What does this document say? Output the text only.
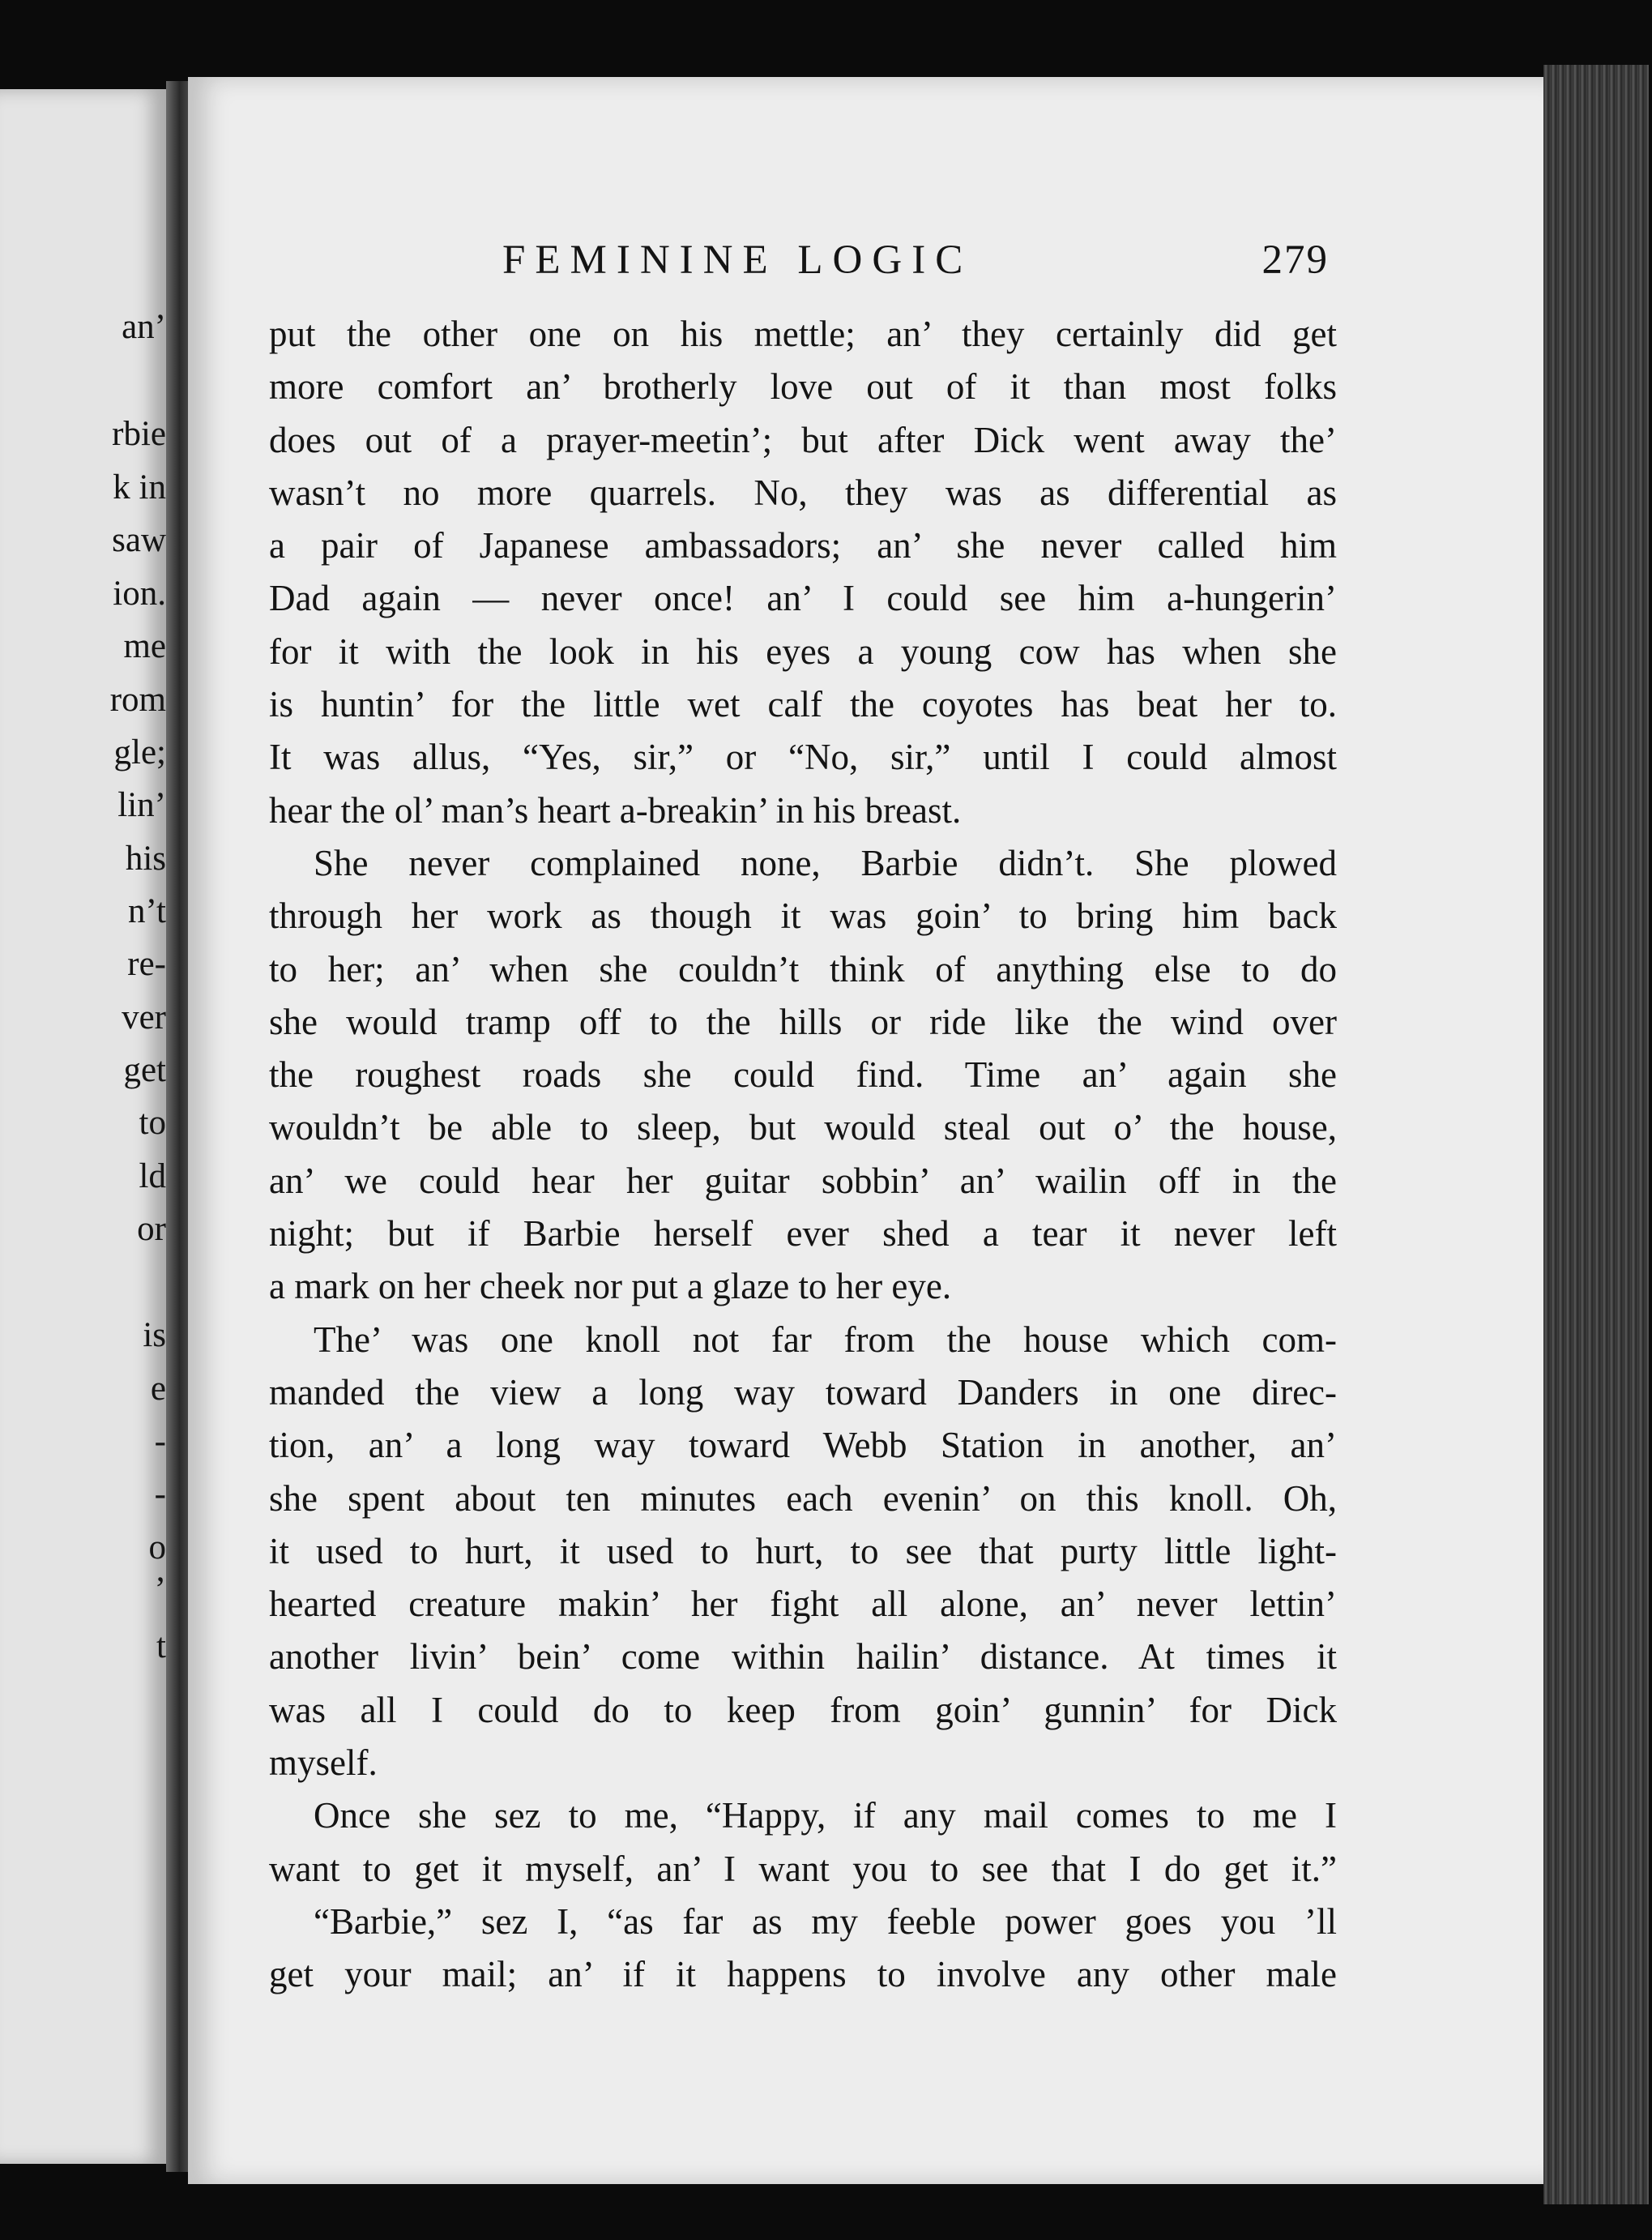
an’
rbie
k in
saw
ion.
me
rom
gle;
lin’
his
n’t
re-
ver
get
to
ld
or
is
e
-
-
o
’
t
FEMININE LOGIC	279
put the other one on his mettle; an’ they certainly did get
more comfort an’ brotherly love out of it than most folks
does out of a prayer-meetin’; but after Dick went away the’
wasn’t no more quarrels. No, they was as differential as
a pair of Japanese ambassadors; an’ she never called him
Dad again — never once! an’ I could see him a-hungerin’
for it with the look in his eyes a young cow has when she
is huntin’ for the little wet calf the coyotes has beat her to.
It was allus, “Yes, sir,” or “No, sir,” until I could almost
hear the ol’ man’s heart a-breakin’ in his breast.
She never complained none, Barbie didn’t. She plowed
through her work as though it was goin’ to bring him back
to her; an’ when she couldn’t think of anything else to do
she would tramp off to the hills or ride like the wind over
the roughest roads she could find. Time an’ again she
wouldn’t be able to sleep, but would steal out o’ the house,
an’ we could hear her guitar sobbin’ an’ wailin off in the
night; but if Barbie herself ever shed a tear it never left
a mark on her cheek nor put a glaze to her eye.
The’ was one knoll not far from the house which com-
manded the view a long way toward Danders in one direc-
tion, an’ a long way toward Webb Station in another, an’
she spent about ten minutes each evenin’ on this knoll. Oh,
it used to hurt, it used to hurt, to see that purty little light-
hearted creature makin’ her fight all alone, an’ never lettin’
another livin’ bein’ come within hailin’ distance. At times it
was all I could do to keep from goin’ gunnin’ for Dick
myself.
Once she sez to me, “Happy, if any mail comes to me I
want to get it myself, an’ I want you to see that I do get it.”
“Barbie,” sez I, “as far as my feeble power goes you ’ll
get your mail; an’ if it happens to involve any other male
